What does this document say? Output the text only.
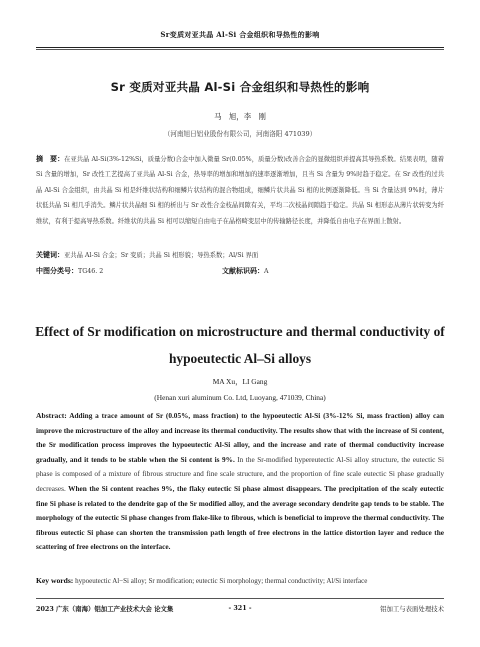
Sr变质对亚共晶 Al-Si 合金组织和导热性的影响
Sr 变质对亚共晶 Al-Si 合金组织和导热性的影响
马　旭，李　刚
（河南旭日铝业股份有限公司，河南洛阳 471039）
摘　要：在亚共晶 Al-Si(3%-12%Si，质量分数)合金中加入微量 Sr(0.05%，质量分数)改善合金的显微组织并提高其导热系数。结果表明，随着 Si 含量的增加，Sr 改性工艺提高了亚共晶 Al-Si 合金，热导率的增加和增加的速率逐渐增加，且当 Si 含量为 9%时趋于稳定。在 Sr 改性的过共晶 Al-Si 合金组织，由共晶 Si 相是纤维状结构和细鳞片状结构的混合物组成，细鳞片状共晶 Si 相的比例逐渐降低。当 Si 含量达到 9%时，薄片状低共晶 Si 相几乎消失。鳞片状共晶细 Si 相的析出与 Sr 改性合金枝晶间隙有关，平均二次枝晶间隙趋于稳定。共晶 Si 相形态从薄片状转变为纤维状，有利于提高导热系数。纤维状的共晶 Si 相可以缩短自由电子在晶格畸变层中的传输路径长度，并降低自由电子在界面上散射。
关键词：亚共晶 Al-Si 合金；Sr 变质；共晶 Si 相形貌；导热系数；Al/Si 界面
中图分类号：TG46. 2	文献标识码：A
Effect of Sr modification on microstructure and thermal conductivity of
hypoeutectic Al–Si alloys
MA Xu，LI Gang
(Henan xuri aluminum Co. Ltd, Luoyang, 471039, China)
Abstract: Adding a trace amount of Sr (0.05%, mass fraction) to the hypoeutectic Al-Si (3%-12% Si, mass fraction) alloy can improve the microstructure of the alloy and increase its thermal conductivity. The results show that with the increase of Si content, the Sr modification process improves the hypoeutectic Al-Si alloy, and the increase and rate of thermal conductivity increase gradually, and it tends to be stable when the Si content is 9%. In the Sr-modified hypereutectic Al-Si alloy structure, the eutectic Si phase is composed of a mixture of fibrous structure and fine scale structure, and the proportion of fine scale eutectic Si phase gradually decreases. When the Si content reaches 9%, the flaky eutectic Si phase almost disappears. The precipitation of the scaly eutectic fine Si phase is related to the dendrite gap of the Sr modified alloy, and the average secondary dendrite gap tends to be stable. The morphology of the eutectic Si phase changes from flake-like to fibrous, which is beneficial to improve the thermal conductivity. The fibrous eutectic Si phase can shorten the transmission path length of free electrons in the lattice distortion layer and reduce the scattering of free electrons on the interface.
Key words: hypoeutectic Al−Si alloy; Sr modification; eutectic Si morphology; thermal conductivity; Al/Si interface
2023 广东（南海）铝加工产业技术大会 论文集	- 321 -	铝加工与表面处理技术
